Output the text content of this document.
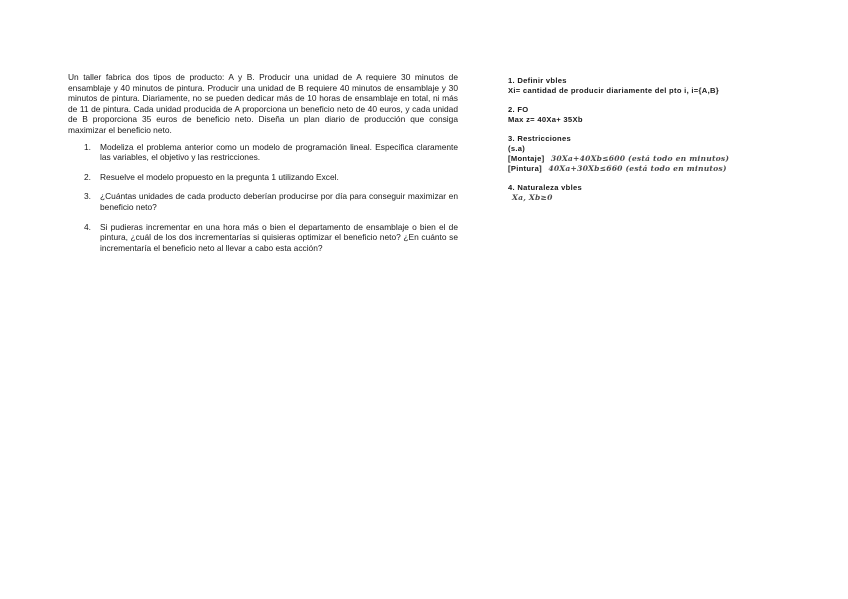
Un taller fabrica dos tipos de producto: A y B. Producir una unidad de A requiere 30 minutos de ensamblaje y 40 minutos de pintura. Producir una unidad de B requiere 40 minutos de ensamblaje y 30 minutos de pintura. Diariamente, no se pueden dedicar más de 10 horas de ensamblaje en total, ni más de 11 de pintura. Cada unidad producida de A proporciona un beneficio neto de 40 euros, y cada unidad de B proporciona 35 euros de beneficio neto. Diseña un plan diario de producción que consiga maximizar el beneficio neto.

1. Modeliza el problema anterior como un modelo de programación lineal. Especifica claramente las variables, el objetivo y las restricciones.
2. Resuelve el modelo propuesto en la pregunta 1 utilizando Excel.
3. ¿Cuántas unidades de cada producto deberían producirse por día para conseguir maximizar en beneficio neto?
4. Si pudieras incrementar en una hora más o bien el departamento de ensamblaje o bien el de pintura, ¿cuál de los dos incrementarías si quisieras optimizar el beneficio neto? ¿En cuánto se incrementaría el beneficio neto al llevar a cabo esta acción?
1. Definir vbles
Xi= cantidad de producir diariamente del pto i, i={A,B}
2. FO
Max z= 40Xa+ 35Xb
3. Restricciones
(s.a)
[Montaje] 30Xa+40Xb≤600 (está todo en minutos)
[Pintura] 40Xa+30Xb≤660 (está todo en minutos)
4. Naturaleza vbles
Xa, Xb≥0
